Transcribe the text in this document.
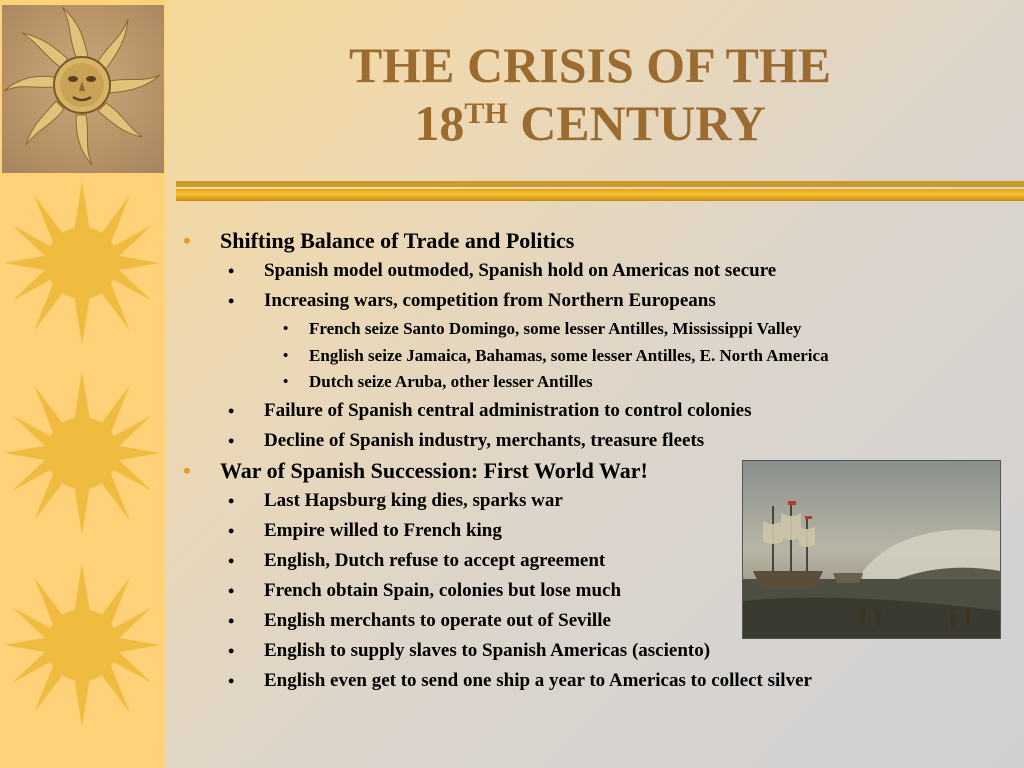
THE CRISIS OF THE
18TH CENTURY
• Shifting Balance of Trade and Politics
• Spanish model outmoded, Spanish hold on Americas not secure
• Increasing wars, competition from Northern Europeans
• French seize Santo Domingo, some lesser Antilles, Mississippi Valley
• English seize Jamaica, Bahamas, some lesser Antilles, E. North America
• Dutch seize Aruba, other lesser Antilles
• Failure of Spanish central administration to control colonies
• Decline of Spanish industry, merchants, treasure fleets
• War of Spanish Succession: First World War!
• Last Hapsburg king dies, sparks war
• Empire willed to French king
• English, Dutch refuse to accept agreement
• French obtain Spain, colonies but lose much
• English merchants to operate out of Seville
• English to supply slaves to Spanish Americas (asciento)
• English even get to send one ship a year to Americas to collect silver
